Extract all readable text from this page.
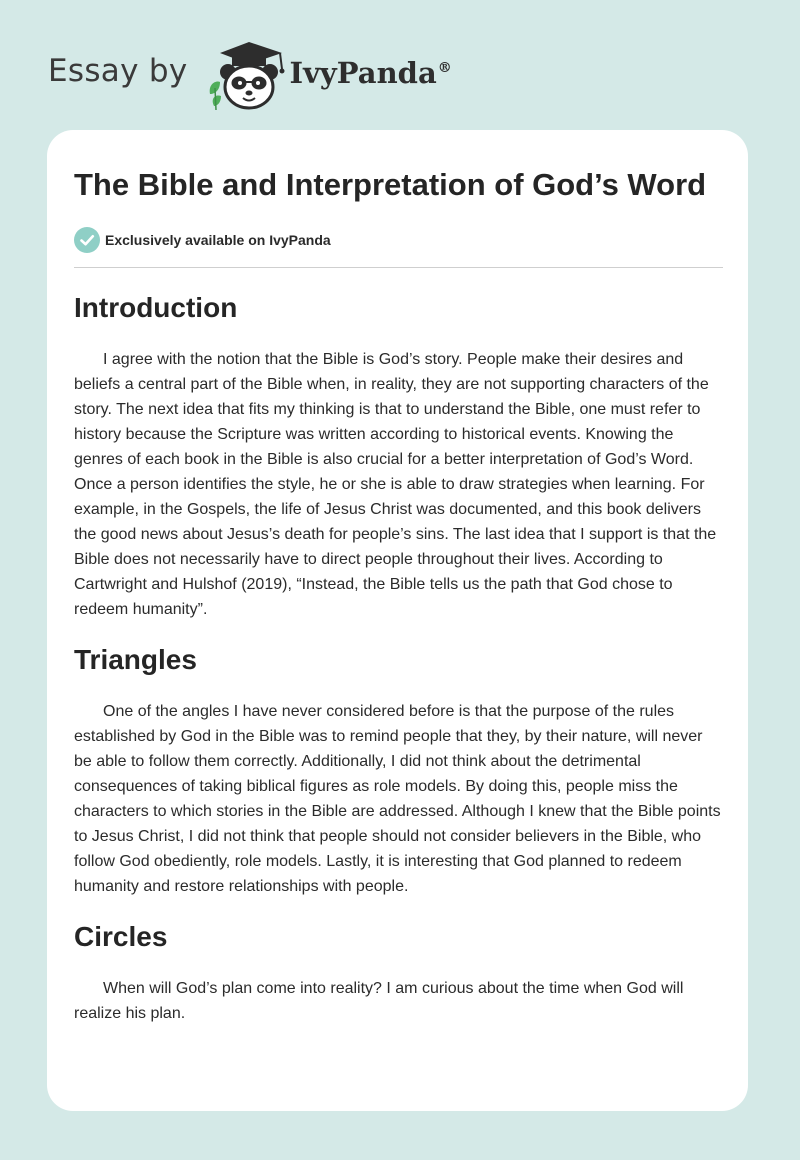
Essay by	IvyPanda®
The Bible and Interpretation of God’s Word
Exclusively available on IvyPanda
Introduction

I agree with the notion that the Bible is God’s story. People make their desires and beliefs a central part of the Bible when, in reality, they are not supporting characters of the story. The next idea that fits my thinking is that to understand the Bible, one must refer to history because the Scripture was written according to historical events. Knowing the genres of each book in the Bible is also crucial for a better interpretation of God’s Word. Once a person identifies the style, he or she is able to draw strategies when learning. For example, in the Gospels, the life of Jesus Christ was documented, and this book delivers the good news about Jesus’s death for people’s sins. The last idea that I support is that the Bible does not necessarily have to direct people throughout their lives. According to Cartwright and Hulshof (2019), “Instead, the Bible tells us the path that God chose to redeem humanity”.

Triangles

One of the angles I have never considered before is that the purpose of the rules established by God in the Bible was to remind people that they, by their nature, will never be able to follow them correctly. Additionally, I did not think about the detrimental consequences of taking biblical figures as role models. By doing this, people miss the characters to which stories in the Bible are addressed. Although I knew that the Bible points to Jesus Christ, I did not think that people should not consider believers in the Bible, who follow God obediently, role models. Lastly, it is interesting that God planned to redeem humanity and restore relationships with people.

Circles

When will God’s plan come into reality? I am curious about the time when God will realize his plan.
